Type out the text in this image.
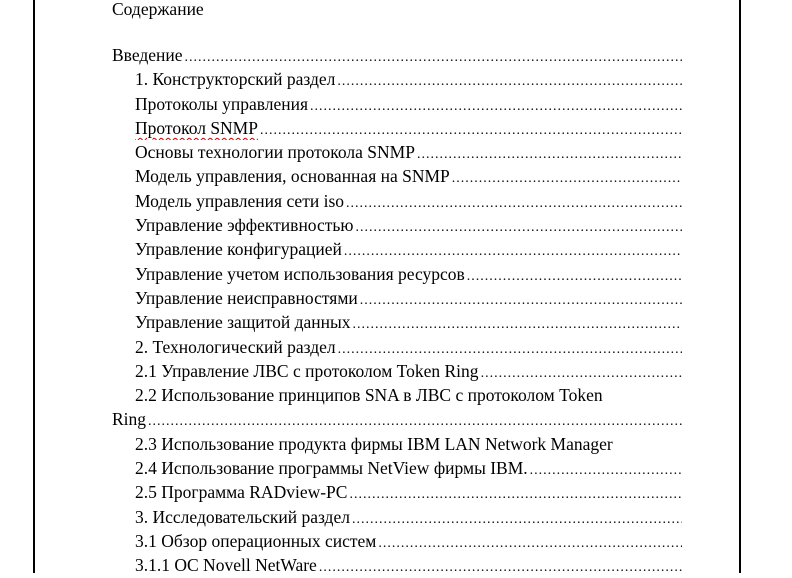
Содержание
Введение
.....
1. Конструкторский раздел
.....
Протоколы управления
.....
Протокол SNMP
.....
Основы технологии протокола SNMP
.....
Модель управления, основанная на SNMP
.....
Модель управления сети iso
.....
Управление эффективностью
.....
Управление конфигурацией
.....
Управление учетом использования ресурсов
.....
Управление неисправностями
.....
Управление защитой данных
.....
2. Технологический раздел
.....
2.1 Управление ЛВС с протоколом Token Ring
.....
2.2 Использование принципов SNA в ЛВС с протоколом Token
Ring
.....
2.3 Использование продукта фирмы IBM LAN Network Manager
2.4 Использование программы NetView фирмы IBM.
.....
2.5 Программа RADview-PC
.....
3. Исследовательский раздел
.....
3.1 Обзор операционных систем
.....
3.1.1 OC Novell NetWare
.....
